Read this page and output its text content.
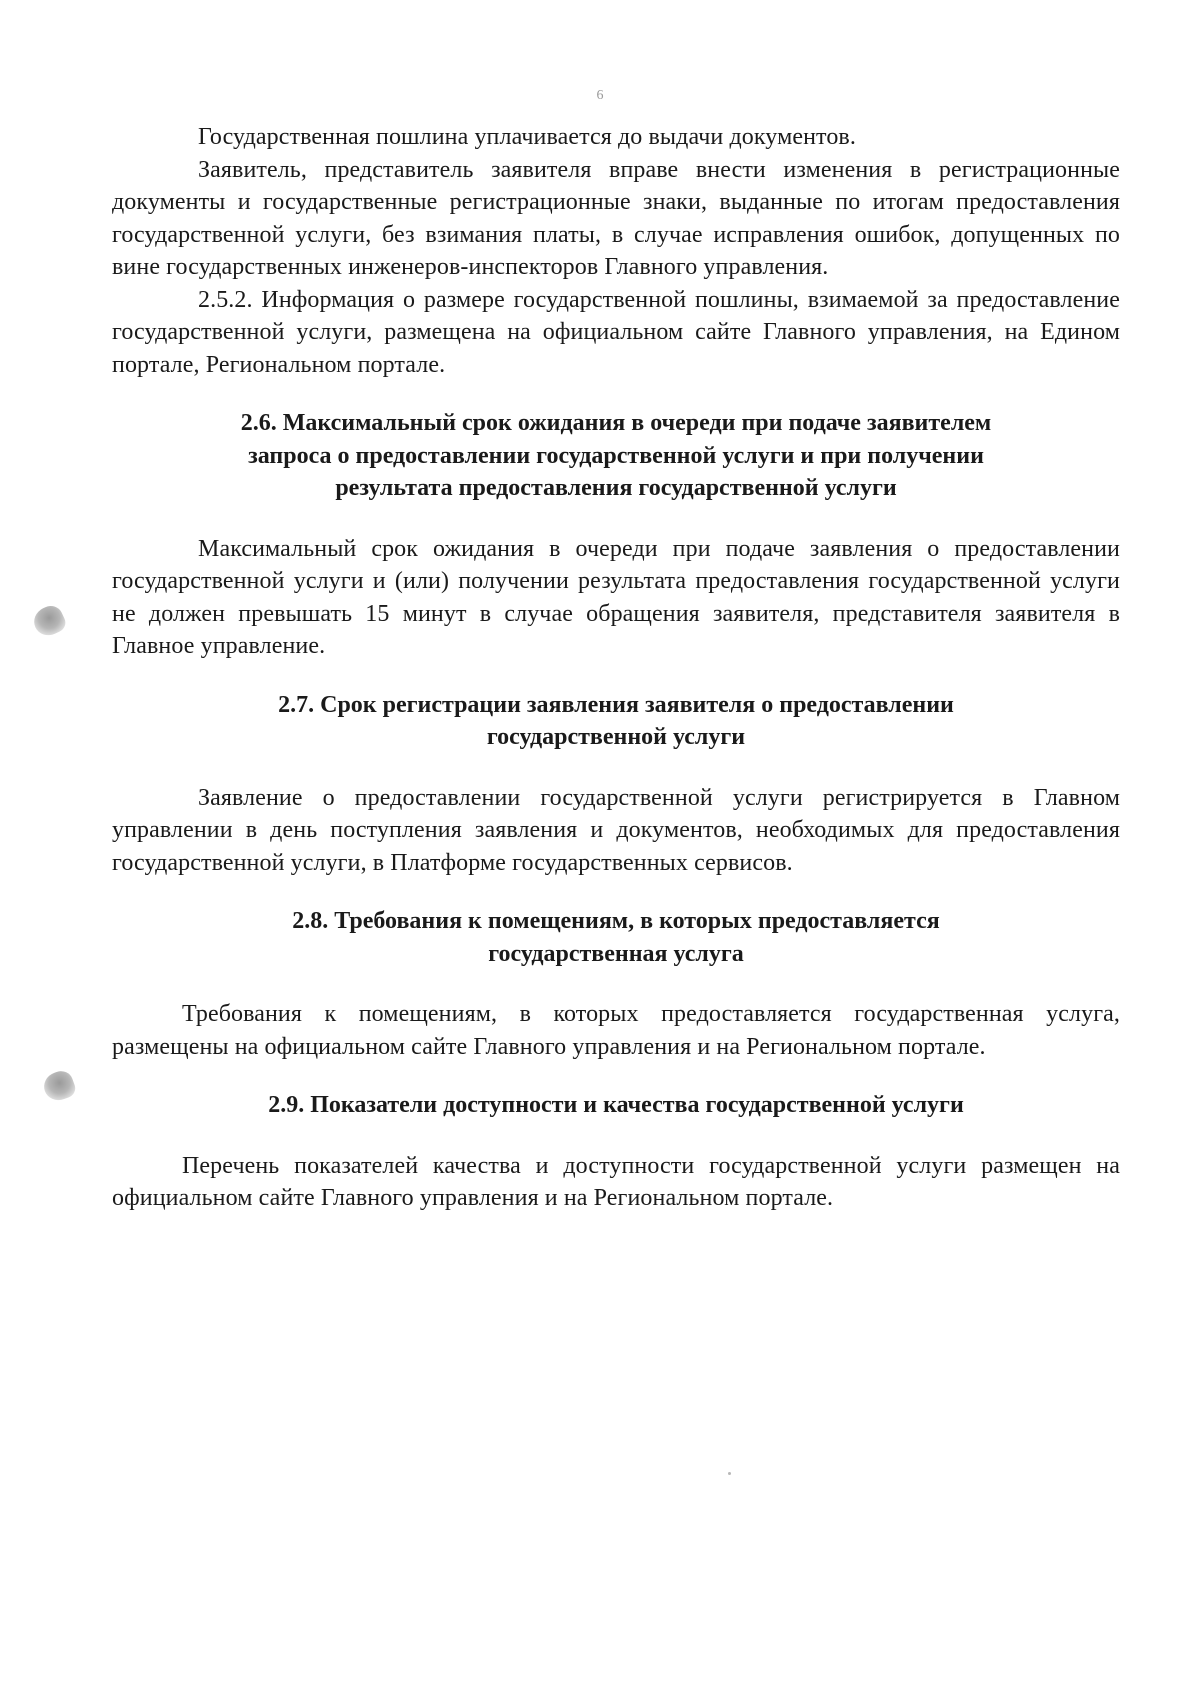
6

Государственная пошлина уплачивается до выдачи документов.

Заявитель, представитель заявителя вправе внести изменения в регистрационные документы и государственные регистрационные знаки, выданные по итогам предоставления государственной услуги, без взимания платы, в случае исправления ошибок, допущенных по вине государственных инженеров-инспекторов Главного управления.

2.5.2. Информация о размере государственной пошлины, взимаемой за предоставление государственной услуги, размещена на официальном сайте Главного управления, на Едином портале, Региональном портале.

2.6. Максимальный срок ожидания в очереди при подаче заявителем

запроса о предоставлении государственной услуги и при получении

результата предоставления государственной услуги

Максимальный срок ожидания в очереди при подаче заявления о предоставлении государственной услуги и (или) получении результата предоставления государственной услуги не должен превышать 15 минут в случае обращения заявителя, представителя заявителя в Главное управление.

2.7. Срок регистрации заявления заявителя о предоставлении

государственной услуги

Заявление о предоставлении государственной услуги регистрируется в Главном управлении в день поступления заявления и документов, необходимых для предоставления государственной услуги, в Платформе государственных сервисов.

2.8. Требования к помещениям, в которых предоставляется

государственная услуга

Требования к помещениям, в которых предоставляется государственная услуга, размещены на официальном сайте Главного управления и на Региональном портале.

2.9. Показатели доступности и качества государственной услуги

Перечень показателей качества и доступности государственной услуги размещен на официальном сайте Главного управления и на Региональном портале.
